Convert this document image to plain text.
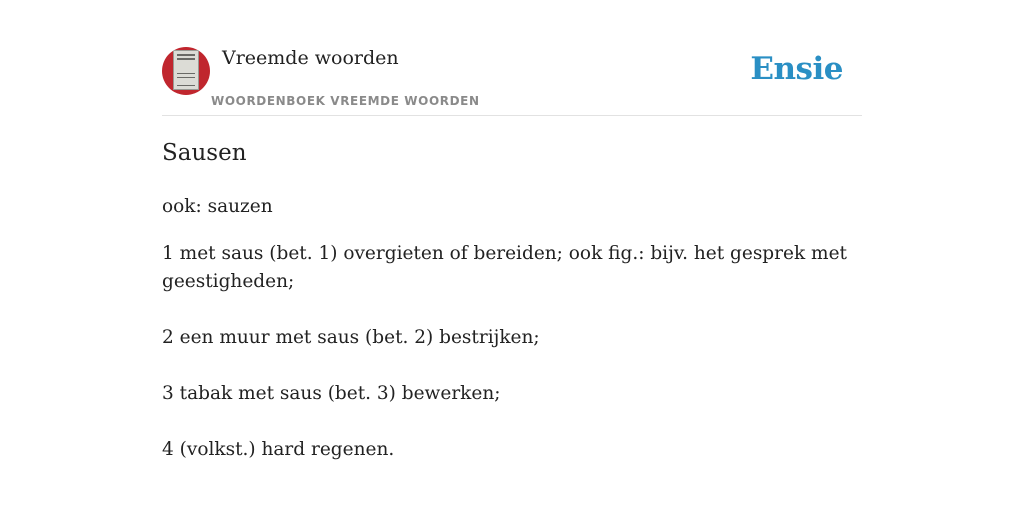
Vreemde woorden
WOORDENBOEK VREEMDE WOORDEN
Ensie
Sausen

ook: sauzen

1 met saus (bet. 1) overgieten of bereiden; ook fig.: bijv. het gesprek met geestigheden;

2 een muur met saus (bet. 2) bestrijken;

3 tabak met saus (bet. 3) bewerken;

4 (volkst.) hard regenen.
